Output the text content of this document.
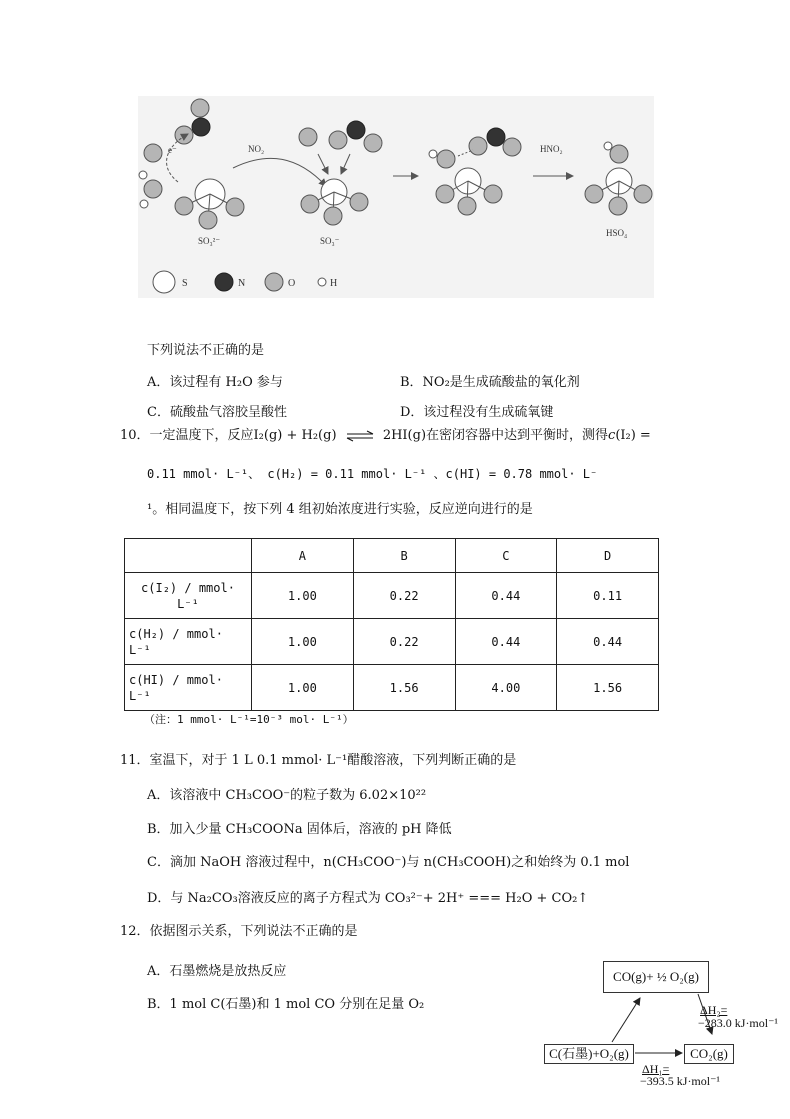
e⁻
SO₃²⁻
NO₂
SO₃⁻
HNO₂
HSO₄
S	N	O	H
下列说法不正确的是
A．该过程有 H₂O 参与	B．NO₂是生成硫酸盐的氧化剂
C．硫酸盐气溶胶呈酸性	D．该过程没有生成硫氧键
10．一定温度下，反应I₂(g) + H₂(g) ⇌ 2HI(g)在密闭容器中达到平衡时，测得c(I₂) =
0.11 mmol· L⁻¹、 c(H₂) = 0.11 mmol· L⁻¹ 、c(HI) = 0.78 mmol· L⁻
¹。相同温度下，按下列 4 组初始浓度进行实验，反应逆向进行的是
	A	B	C	D

c(I₂) / mmol·
L⁻¹	1.00	0.22	0.44	0.11

c(H₂) / mmol·
L⁻¹	1.00	0.22	0.44	0.44

c(HI) / mmol·
L⁻¹	1.00	1.56	4.00	1.56
（注：1 mmol· L⁻¹=10⁻³ mol· L⁻¹）
11．室温下，对于 1 L 0.1 mmol· L⁻¹醋酸溶液，下列判断正确的是
A．该溶液中 CH₃COO⁻的粒子数为 6.02×10²²
B．加入少量 CH₃COONa 固体后，溶液的 pH 降低
C．滴加 NaOH 溶液过程中，n(CH₃COO⁻)与 n(CH₃COOH)之和始终为 0.1 mol
D．与 Na₂CO₃溶液反应的离子方程式为 CO₃²⁻+ 2H⁺ === H₂O + CO₂↑
12．依据图示关系，下列说法不正确的是
A．石墨燃烧是放热反应
B．1 mol C(石墨)和 1 mol CO 分别在足量 O₂
CO(g)+ ½ O₂(g)
C(石墨)+O₂(g)	CO₂(g)
ΔH₂=
−283.0 kJ·mol⁻¹
ΔH₁=
−393.5 kJ·mol⁻¹
